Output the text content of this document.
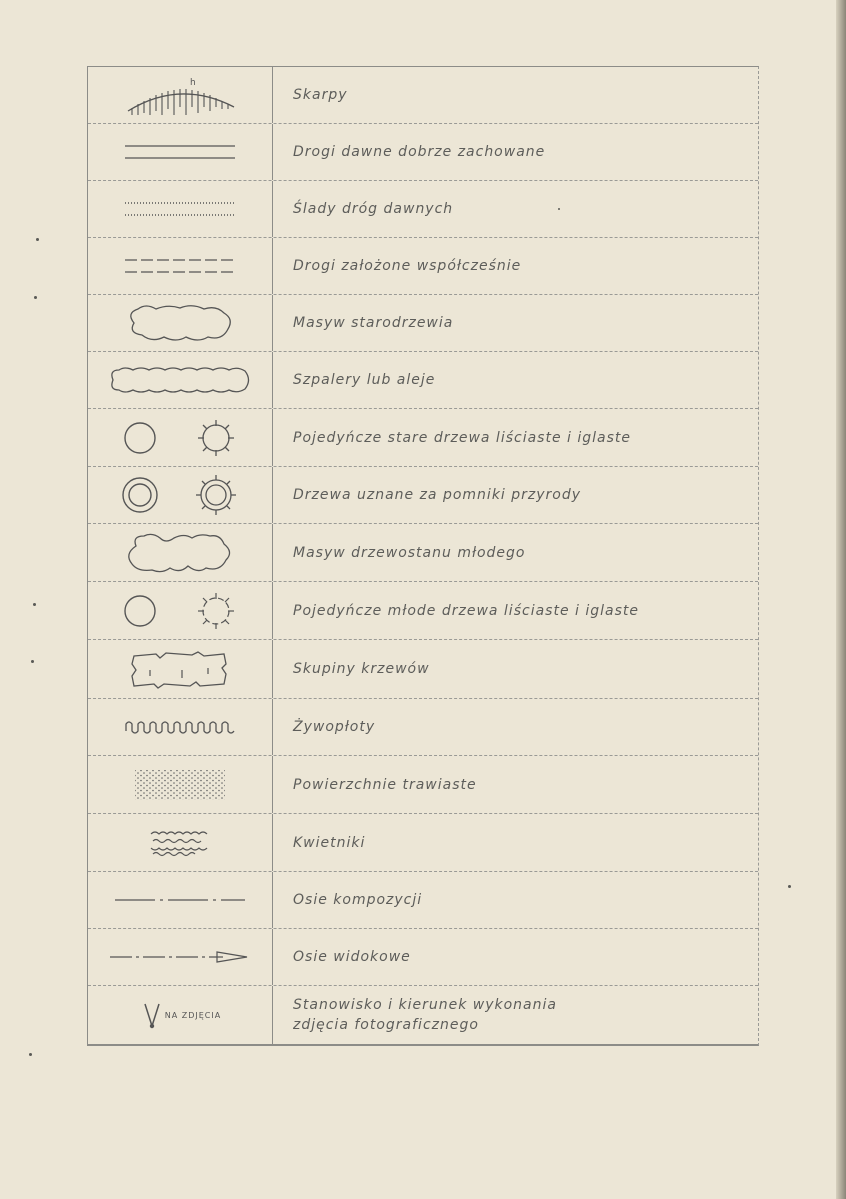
h
Skarpy
Drogi dawne dobrze zachowane
Ślady dróg dawnych
Drogi założone współcześnie
Masyw starodrzewia
Szpalery lub aleje
Pojedyńcze stare drzewa liściaste i iglaste
Drzewa uznane za pomniki przyrody
Masyw drzewostanu młodego
Pojedyńcze młode drzewa liściaste i iglaste
Skupiny krzewów
Żywopłoty
Powierzchnie trawiaste
Kwietniki
Osie kompozycji
Osie widokowe
NA ZDJĘCIA
Stanowisko i kierunek wykonania zdjęcia fotograficznego
